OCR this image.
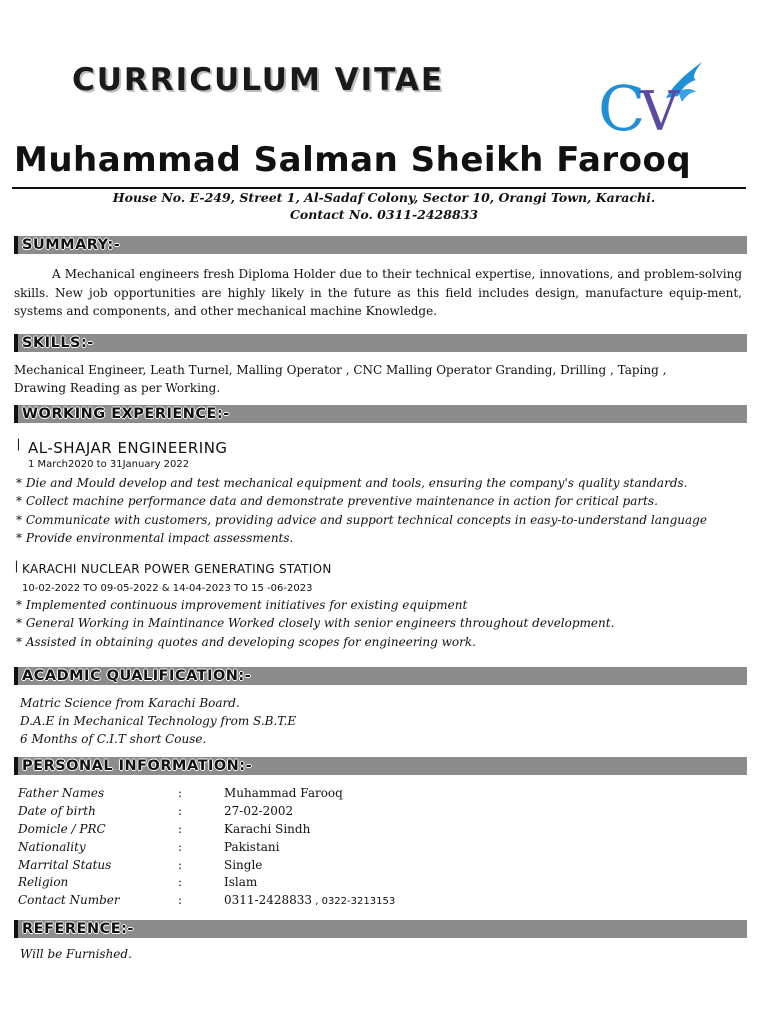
CURRICULUM VITAE C
V
Muhammad Salman Sheikh Farooq
House No. E-249, Street 1, Al-Sadaf Colony, Sector 10, Orangi Town, Karachi.
Contact No. 0311-2428833
SUMMARY:-
A Mechanical engineers fresh Diploma Holder due to their technical expertise, innovations, and problem-solving skills. New job opportunities are highly likely in the future as this field includes design, manufacture equip-ment, systems and components, and other mechanical machine Knowledge.
SKILLS:-
Mechanical Engineer, Leath Turnel, Malling Operator , CNC Malling Operator Granding, Drilling , Taping ,
Drawing Reading as per Working.
WORKING EXPERIENCE:-
▏ AL-SHAJAR ENGINEERING
1 March2020 to 31January 2022
* Die and Mould develop and test mechanical equipment and tools, ensuring the company's quality standards.
* Collect machine performance data and demonstrate preventive maintenance in action for critical parts.
* Communicate with customers, providing advice and support technical concepts in easy-to-understand language
* Provide environmental impact assessments.
▏
KARACHI NUCLEAR POWER GENERATING STATION
10-02-2022 TO 09-05-2022 & 14-04-2023 TO 15 -06-2023
* Implemented continuous improvement initiatives for existing equipment
* General Working in Maintinance Worked closely with senior engineers throughout development.
* Assisted in obtaining quotes and developing scopes for engineering work.
ACADMIC QUALIFICATION:-
Matric Science from Karachi Board.
D.A.E in Mechanical Technology from S.B.T.E
6 Months of C.I.T short Couse.
PERSONAL INFORMATION:-
Father Names	:	Muhammad Farooq
Date of birth	:	27-02-2002
Domicle / PRC	:	Karachi Sindh
Nationality	:	Pakistani
Marrital Status	:	Single
Religion	:	Islam
Contact Number	:	0311-2428833 , 0322-3213153
REFERENCE:-
Will be Furnished.
